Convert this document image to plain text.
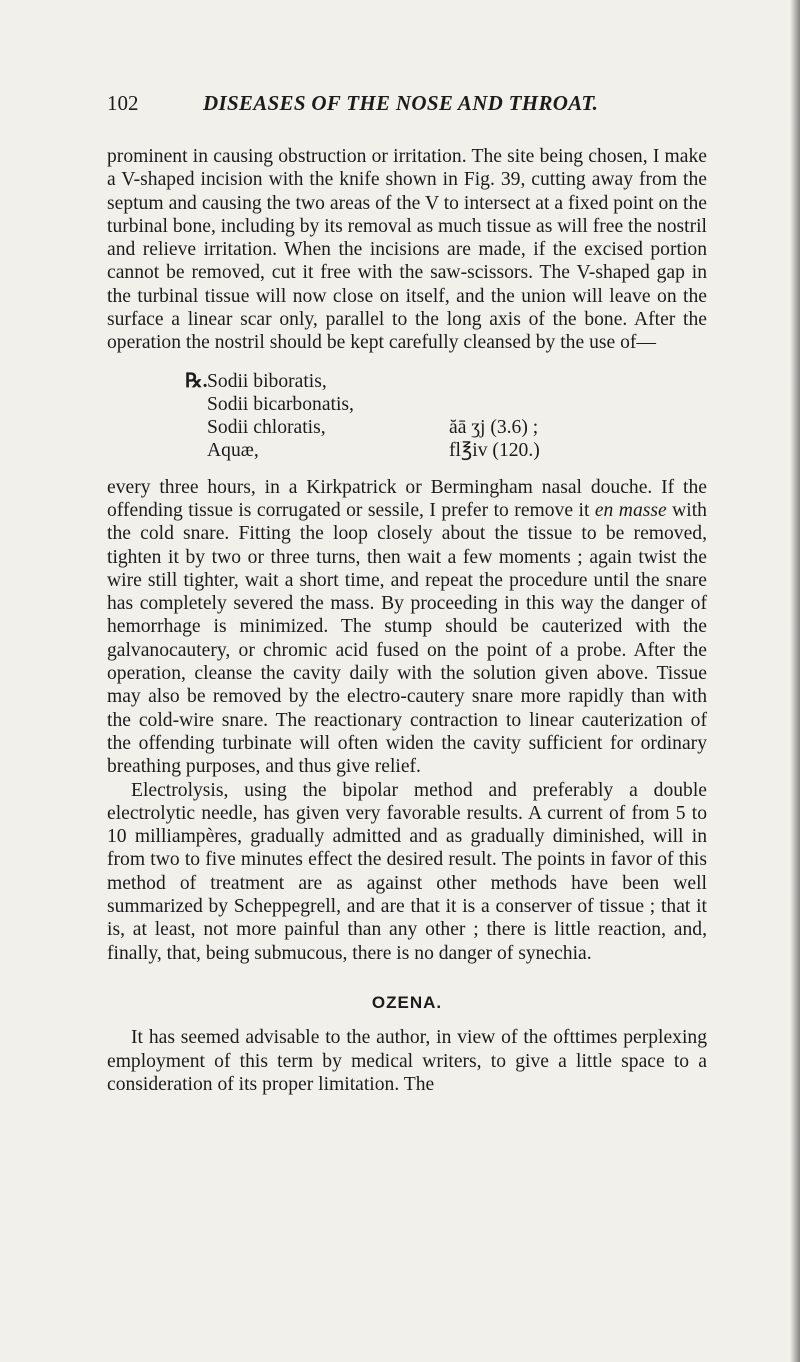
102	DISEASES OF THE NOSE AND THROAT.

prominent in causing obstruction or irritation. The site being chosen, I make a V-shaped incision with the knife shown in Fig. 39, cutting away from the septum and causing the two areas of the V to intersect at a fixed point on the turbinal bone, including by its removal as much tissue as will free the nostril and relieve irritation. When the incisions are made, if the excised portion cannot be removed, cut it free with the saw-scissors. The V-shaped gap in the turbinal tissue will now close on itself, and the union will leave on the surface a linear scar only, parallel to the long axis of the bone. After the operation the nostril should be kept carefully cleansed by the use of—

℞. Sodii biboratis,
Sodii bicarbonatis,
Sodii chloratis,	ăā ʒj (3.6) ;
Aquæ,	fl℥iv (120.)

every three hours, in a Kirkpatrick or Bermingham nasal douche. If the offending tissue is corrugated or sessile, I prefer to remove it en masse with the cold snare. Fitting the loop closely about the tissue to be removed, tighten it by two or three turns, then wait a few moments ; again twist the wire still tighter, wait a short time, and repeat the procedure until the snare has completely severed the mass. By proceeding in this way the danger of hemorrhage is minimized. The stump should be cauterized with the galvanocautery, or chromic acid fused on the point of a probe. After the operation, cleanse the cavity daily with the solution given above. Tissue may also be removed by the electro-cautery snare more rapidly than with the cold-wire snare. The reactionary contraction to linear cauterization of the offending turbinate will often widen the cavity sufficient for ordinary breathing purposes, and thus give relief.

Electrolysis, using the bipolar method and preferably a double electrolytic needle, has given very favorable results. A current of from 5 to 10 milliampères, gradually admitted and as gradually diminished, will in from two to five minutes effect the desired result. The points in favor of this method of treatment are as against other methods have been well summarized by Scheppegrell, and are that it is a conserver of tissue ; that it is, at least, not more painful than any other ; there is little reaction, and, finally, that, being submucous, there is no danger of synechia.

OZENA.

It has seemed advisable to the author, in view of the ofttimes perplexing employment of this term by medical writers, to give a little space to a consideration of its proper limitation. The
